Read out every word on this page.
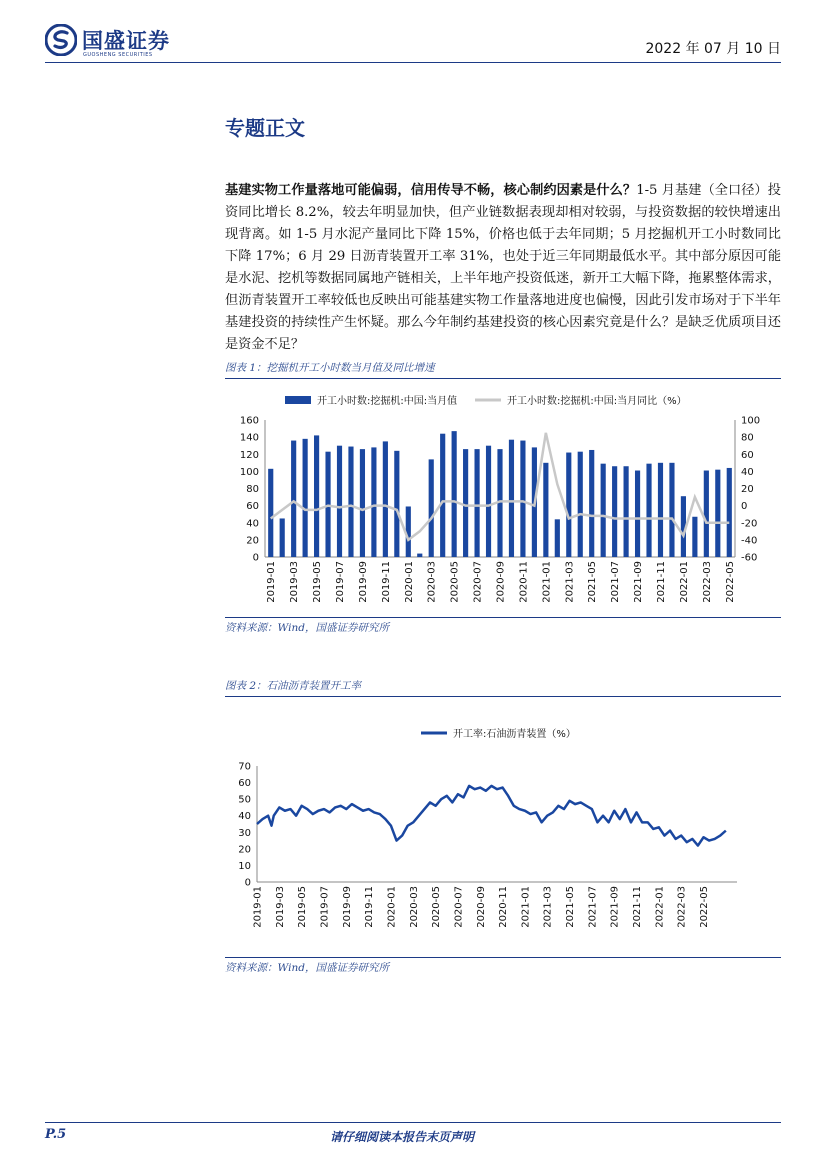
国盛证券
GUOSHENG SECURITIES	2022 年 07 月 10 日
专题正文
基建实物工作量落地可能偏弱，信用传导不畅，核心制约因素是什么？1-5 月基建（全口径）投资同比增长 8.2%，较去年明显加快，但产业链数据表现却相对较弱，与投资数据的较快增速出现背离。如 1-5 月水泥产量同比下降 15%，价格也低于去年同期；5 月挖掘机开工小时数同比下降 17%；6 月 29 日沥青装置开工率 31%，也处于近三年同期最低水平。其中部分原因可能是水泥、挖机等数据同属地产链相关，上半年地产投资低迷，新开工大幅下降，拖累整体需求，但沥青装置开工率较低也反映出可能基建实物工作量落地进度也偏慢，因此引发市场对于下半年基建投资的持续性产生怀疑。那么今年制约基建投资的核心因素究竟是什么？是缺乏优质项目还是资金不足？
图表 1：挖掘机开工小时数当月值及同比增速
开工小时数:挖掘机:中国:当月值	开工小时数:挖掘机:中国:当月同比（%）
0
20
40
60
80
100
120
140
160
-60
-40
-20
0
20
40
60
80
100
2019-01 2019-03 2019-05 2019-07 2019-09 2019-11 2020-01 2020-03 2020-05 2020-07 2020-09 2020-11 2021-01 2021-03 2021-05 2021-07 2021-09 2021-11 2022-01 2022-03 2022-05
资料来源：Wind，国盛证券研究所
图表 2：石油沥青装置开工率
开工率:石油沥青装置（%）
0
10
20
30
40
50
60
70
2019-01 2019-03 2019-05 2019-07 2019-09 2019-11 2020-01 2020-03 2020-05 2020-07 2020-09 2020-11 2021-01 2021-03 2021-05 2021-07 2021-09 2021-11 2022-01 2022-03 2022-05
资料来源：Wind，国盛证券研究所
P.5	请仔细阅读本报告末页声明
